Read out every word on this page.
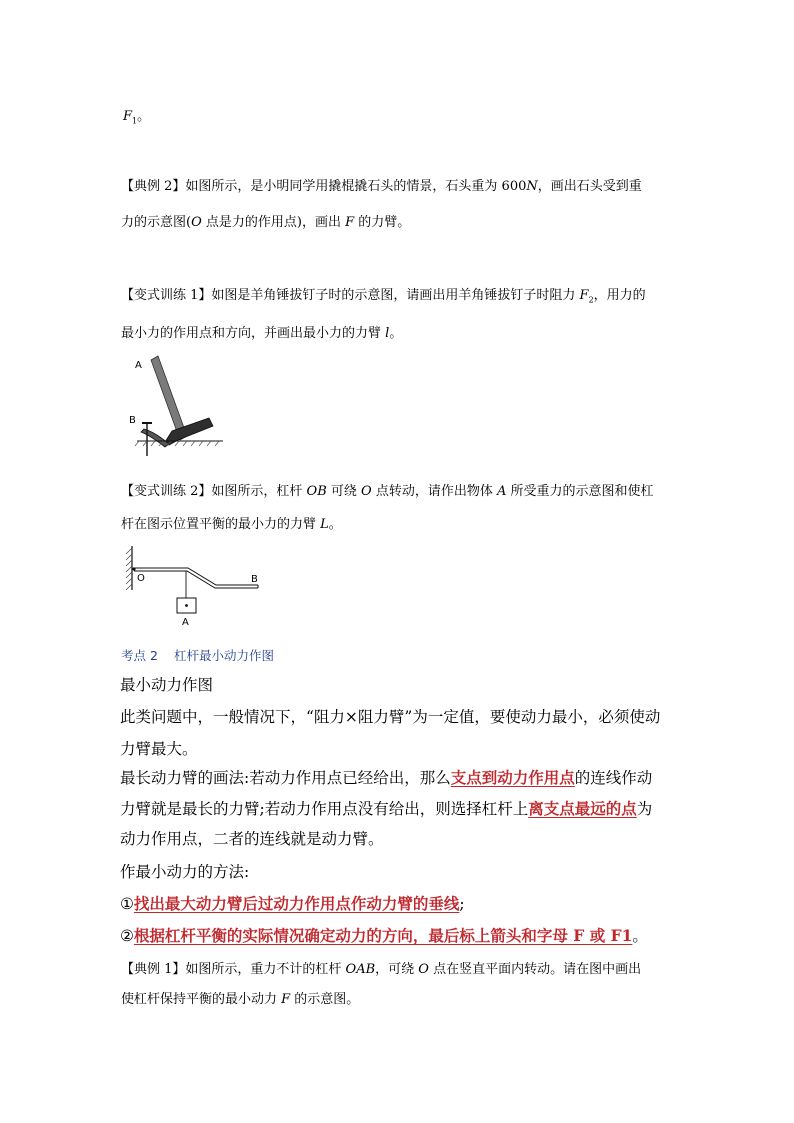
$F_1$。
【典例 2】如图所示，是小明同学用撬棍撬石头的情景，石头重为 600N，画出石头受到重
力的示意图(O 点是力的作用点)，画出 F 的力臂。
【变式训练 1】如图是羊角锤拔钉子时的示意图，请画出用羊角锤拔钉子时阻力 $F_2$，用力的
最小力的作用点和方向，并画出最小力的力臂 l。
A
B
【变式训练 2】如图所示，杠杆 OB 可绕 O 点转动，请作出物体 A 所受重力的示意图和使杠
杆在图示位置平衡的最小力的力臂 L。
O	B
A
考点 2 杠杆最小动力作图
最小动力作图
此类问题中，一般情况下，“阻力×阻力臂”为一定值，要使动力最小，必须使动
力臂最大。
最长动力臂的画法:若动力作用点已经给出，那么支点到动力作用点的连线作动
力臂就是最长的力臂;若动力作用点没有给出，则选择杠杆上离支点最远的点为
动力作用点，二者的连线就是动力臂。
作最小动力的方法:
①找出最大动力臂后过动力作用点作动力臂的垂线;
②根据杠杆平衡的实际情况确定动力的方向，最后标上箭头和字母 F 或 F1。
【典例 1】如图所示，重力不计的杠杆 OAB，可绕 O 点在竖直平面内转动。请在图中画出
使杠杆保持平衡的最小动力 F 的示意图。
